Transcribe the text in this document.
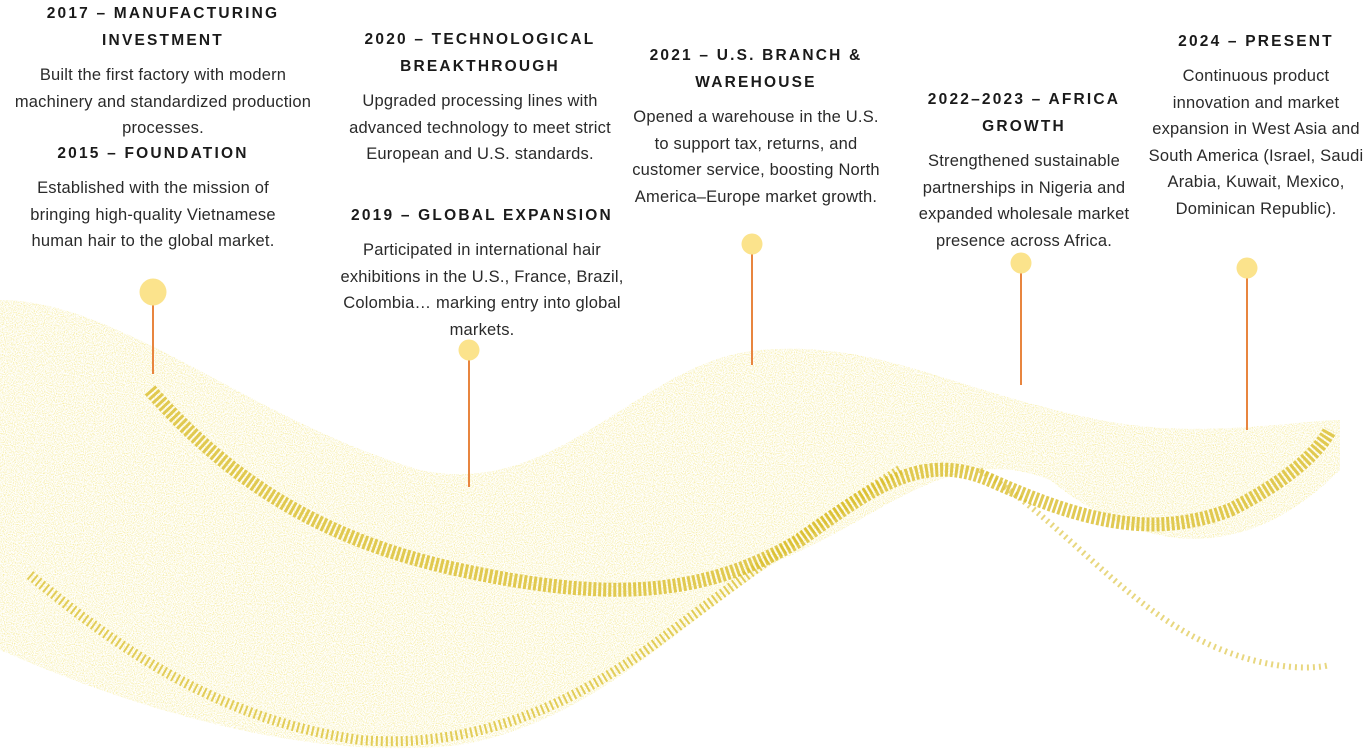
2017 – MANUFACTURING INVESTMENT

Built the first factory with modern machinery and standardized production processes.

2015 – FOUNDATION

Established with the mission of bringing high-quality Vietnamese human hair to the global market.

2020 – TECHNOLOGICAL BREAKTHROUGH

Upgraded processing lines with advanced technology to meet strict European and U.S. standards.

2019 – GLOBAL EXPANSION

Participated in international hair exhibitions in the U.S., France, Brazil, Colombia… marking entry into global markets.

2021 – U.S. BRANCH & WAREHOUSE

Opened a warehouse in the U.S. to support tax, returns, and customer service, boosting North America–Europe market growth.

2022–2023 – AFRICA GROWTH

Strengthened sustainable partnerships in Nigeria and expanded wholesale market presence across Africa.

2024 – PRESENT

Continuous product innovation and market expansion in West Asia and South America (Israel, Saudi Arabia, Kuwait, Mexico, Dominican Republic).
